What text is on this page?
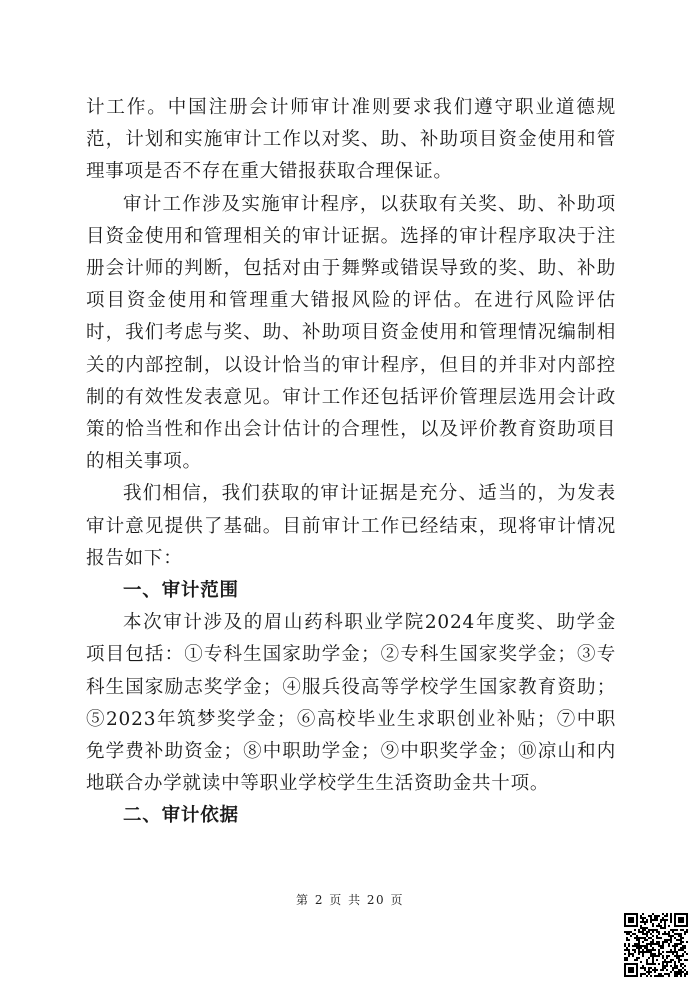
计工作。中国注册会计师审计准则要求我们遵守职业道德规范，计划和实施审计工作以对奖、助、补助项目资金使用和管理事项是否不存在重大错报获取合理保证。

审计工作涉及实施审计程序，以获取有关奖、助、补助项目资金使用和管理相关的审计证据。选择的审计程序取决于注册会计师的判断，包括对由于舞弊或错误导致的奖、助、补助项目资金使用和管理重大错报风险的评估。在进行风险评估时，我们考虑与奖、助、补助项目资金使用和管理情况编制相关的内部控制，以设计恰当的审计程序，但目的并非对内部控制的有效性发表意见。审计工作还包括评价管理层选用会计政策的恰当性和作出会计估计的合理性，以及评价教育资助项目的相关事项。

我们相信，我们获取的审计证据是充分、适当的，为发表审计意见提供了基础。目前审计工作已经结束，现将审计情况报告如下：

一、审计范围

本次审计涉及的眉山药科职业学院2024年度奖、助学金项目包括：①专科生国家助学金；②专科生国家奖学金；③专科生国家励志奖学金；④服兵役高等学校学生国家教育资助；⑤2023年筑梦奖学金；⑥高校毕业生求职创业补贴；⑦中职免学费补助资金；⑧中职助学金；⑨中职奖学金；⑩凉山和内地联合办学就读中等职业学校学生生活资助金共十项。

二、审计依据
第 2 页 共 20 页
